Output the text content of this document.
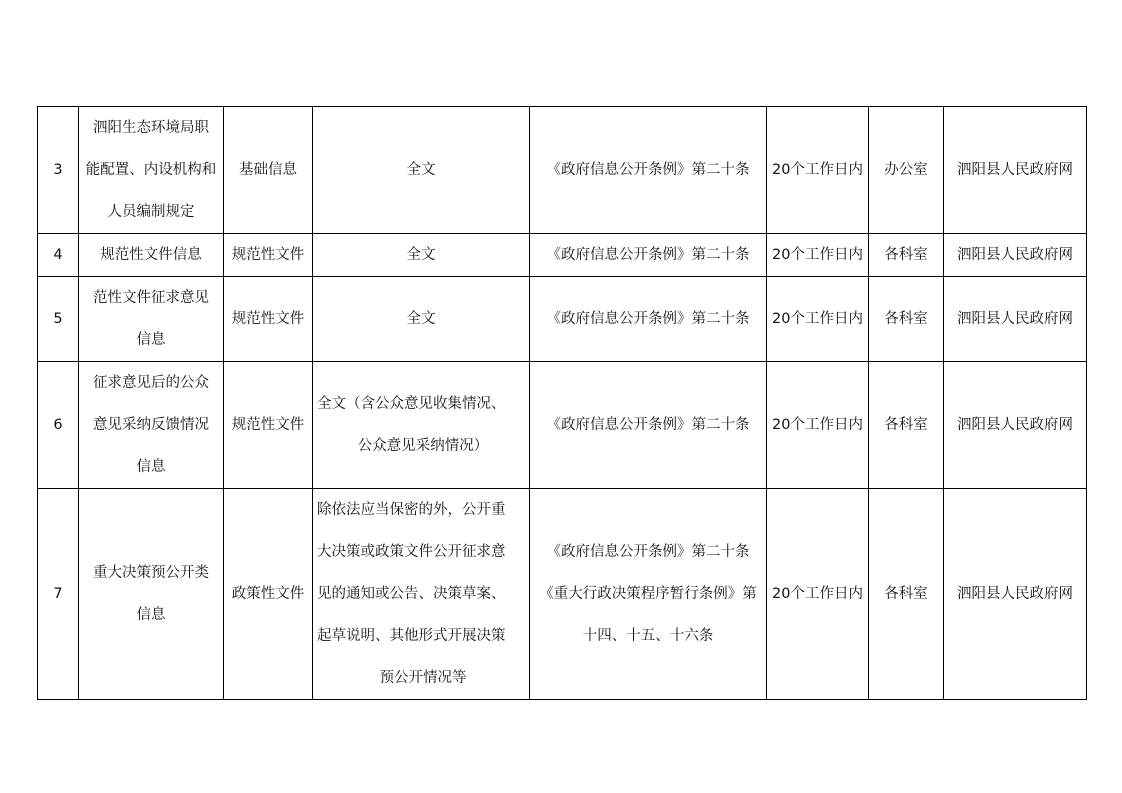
3	泗阳生态环境局职
能配置、内设机构和
人员编制规定	基础信息	全文	《政府信息公开条例》第二十条	20个工作日内	办公室	泗阳县人民政府网
4	规范性文件信息	规范性文件	全文	《政府信息公开条例》第二十条	20个工作日内	各科室	泗阳县人民政府网
5	范性文件征求意见
信息	规范性文件	全文	《政府信息公开条例》第二十条	20个工作日内	各科室	泗阳县人民政府网
6	征求意见后的公众
意见采纳反馈情况
信息	规范性文件	全文（含公众意见收集情况、
公众意见采纳情况）	《政府信息公开条例》第二十条	20个工作日内	各科室	泗阳县人民政府网
7	重大决策预公开类
信息	政策性文件	除依法应当保密的外，公开重
大决策或政策文件公开征求意
见的通知或公告、决策草案、
起草说明、其他形式开展决策
预公开情况等	《政府信息公开条例》第二十条
《重大行政决策程序暂行条例》第
十四、十五、十六条	20个工作日内	各科室	泗阳县人民政府网
